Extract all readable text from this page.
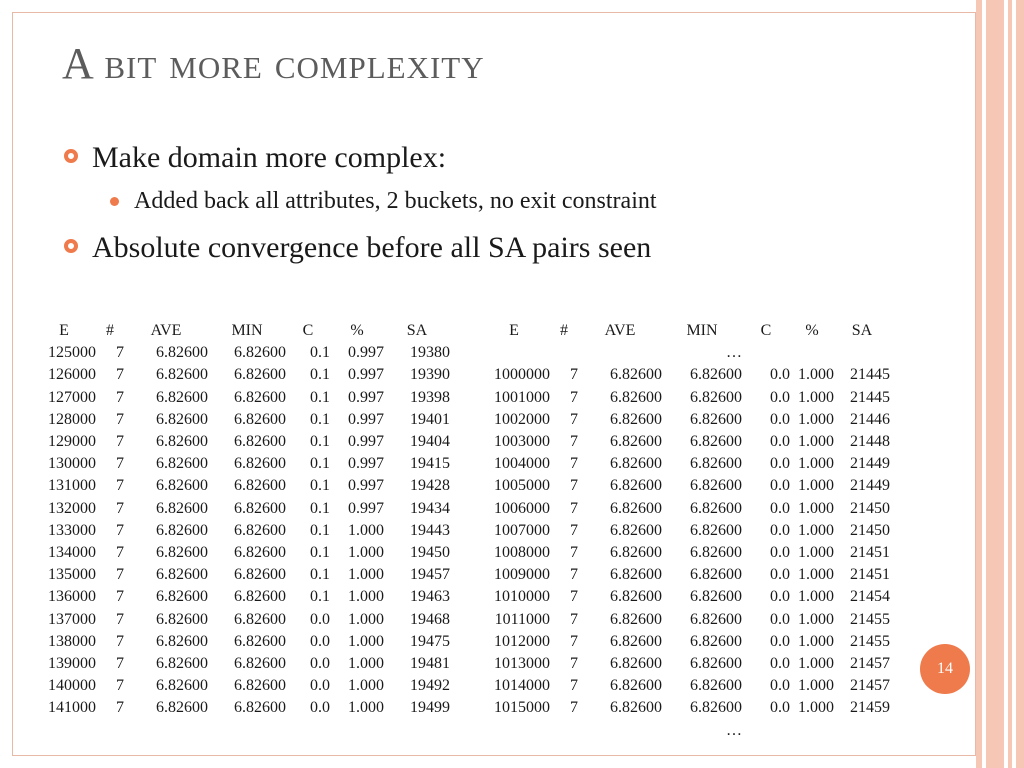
A bit more complexity
Make domain more complex:
Added back all attributes, 2 buckets, no exit constraint
Absolute convergence before all SA pairs seen
E	#	AVE	MIN	C	%	SA
125000	7	6.82600	6.82600	0.1	0.997	19380
126000	7	6.82600	6.82600	0.1	0.997	19390
127000	7	6.82600	6.82600	0.1	0.997	19398
128000	7	6.82600	6.82600	0.1	0.997	19401
129000	7	6.82600	6.82600	0.1	0.997	19404
130000	7	6.82600	6.82600	0.1	0.997	19415
131000	7	6.82600	6.82600	0.1	0.997	19428
132000	7	6.82600	6.82600	0.1	0.997	19434
133000	7	6.82600	6.82600	0.1	1.000	19443
134000	7	6.82600	6.82600	0.1	1.000	19450
135000	7	6.82600	6.82600	0.1	1.000	19457
136000	7	6.82600	6.82600	0.1	1.000	19463
137000	7	6.82600	6.82600	0.0	1.000	19468
138000	7	6.82600	6.82600	0.0	1.000	19475
139000	7	6.82600	6.82600	0.0	1.000	19481
140000	7	6.82600	6.82600	0.0	1.000	19492
141000	7	6.82600	6.82600	0.0	1.000	19499
E	#	AVE	MIN	C	%	SA
			…			
1000000	7	6.82600	6.82600	0.0	1.000	21445
1001000	7	6.82600	6.82600	0.0	1.000	21445
1002000	7	6.82600	6.82600	0.0	1.000	21446
1003000	7	6.82600	6.82600	0.0	1.000	21448
1004000	7	6.82600	6.82600	0.0	1.000	21449
1005000	7	6.82600	6.82600	0.0	1.000	21449
1006000	7	6.82600	6.82600	0.0	1.000	21450
1007000	7	6.82600	6.82600	0.0	1.000	21450
1008000	7	6.82600	6.82600	0.0	1.000	21451
1009000	7	6.82600	6.82600	0.0	1.000	21451
1010000	7	6.82600	6.82600	0.0	1.000	21454
1011000	7	6.82600	6.82600	0.0	1.000	21455
1012000	7	6.82600	6.82600	0.0	1.000	21455
1013000	7	6.82600	6.82600	0.0	1.000	21457
1014000	7	6.82600	6.82600	0.0	1.000	21457
1015000	7	6.82600	6.82600	0.0	1.000	21459
			…			
14
